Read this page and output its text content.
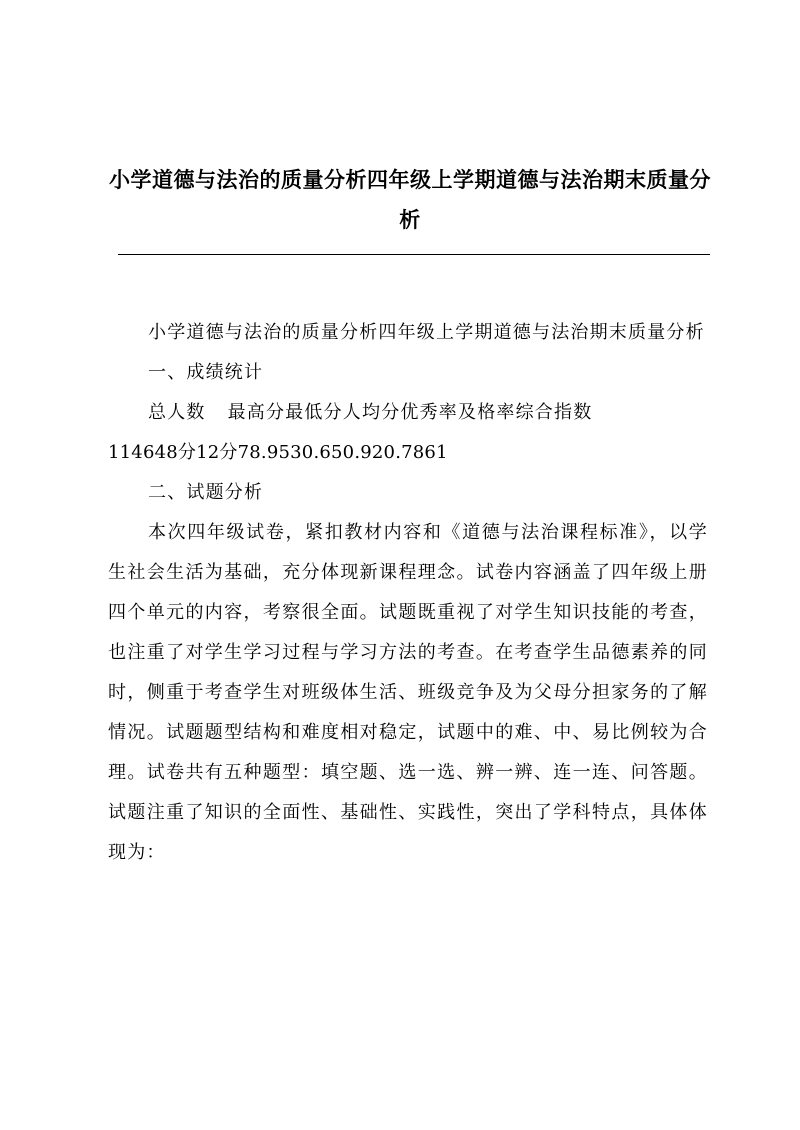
小学道德与法治的质量分析四年级上学期道德与法治期末质量分析

小学道德与法治的质量分析四年级上学期道德与法治期末质量分析

一、成绩统计

总人数 最高分最低分人均分优秀率及格率综合指数

114648分12分78.9530.650.920.7861

二、试题分析

本次四年级试卷，紧扣教材内容和《道德与法治课程标准》，以学生社会生活为基础，充分体现新课程理念。试卷内容涵盖了四年级上册四个单元的内容，考察很全面。试题既重视了对学生知识技能的考查，也注重了对学生学习过程与学习方法的考查。在考查学生品德素养的同时，侧重于考查学生对班级体生活、班级竞争及为父母分担家务的了解情况。试题题型结构和难度相对稳定，试题中的难、中、易比例较为合理。试卷共有五种题型：填空题、选一选、辨一辨、连一连、问答题。试题注重了知识的全面性、基础性、实践性，突出了学科特点，具体体现为：
